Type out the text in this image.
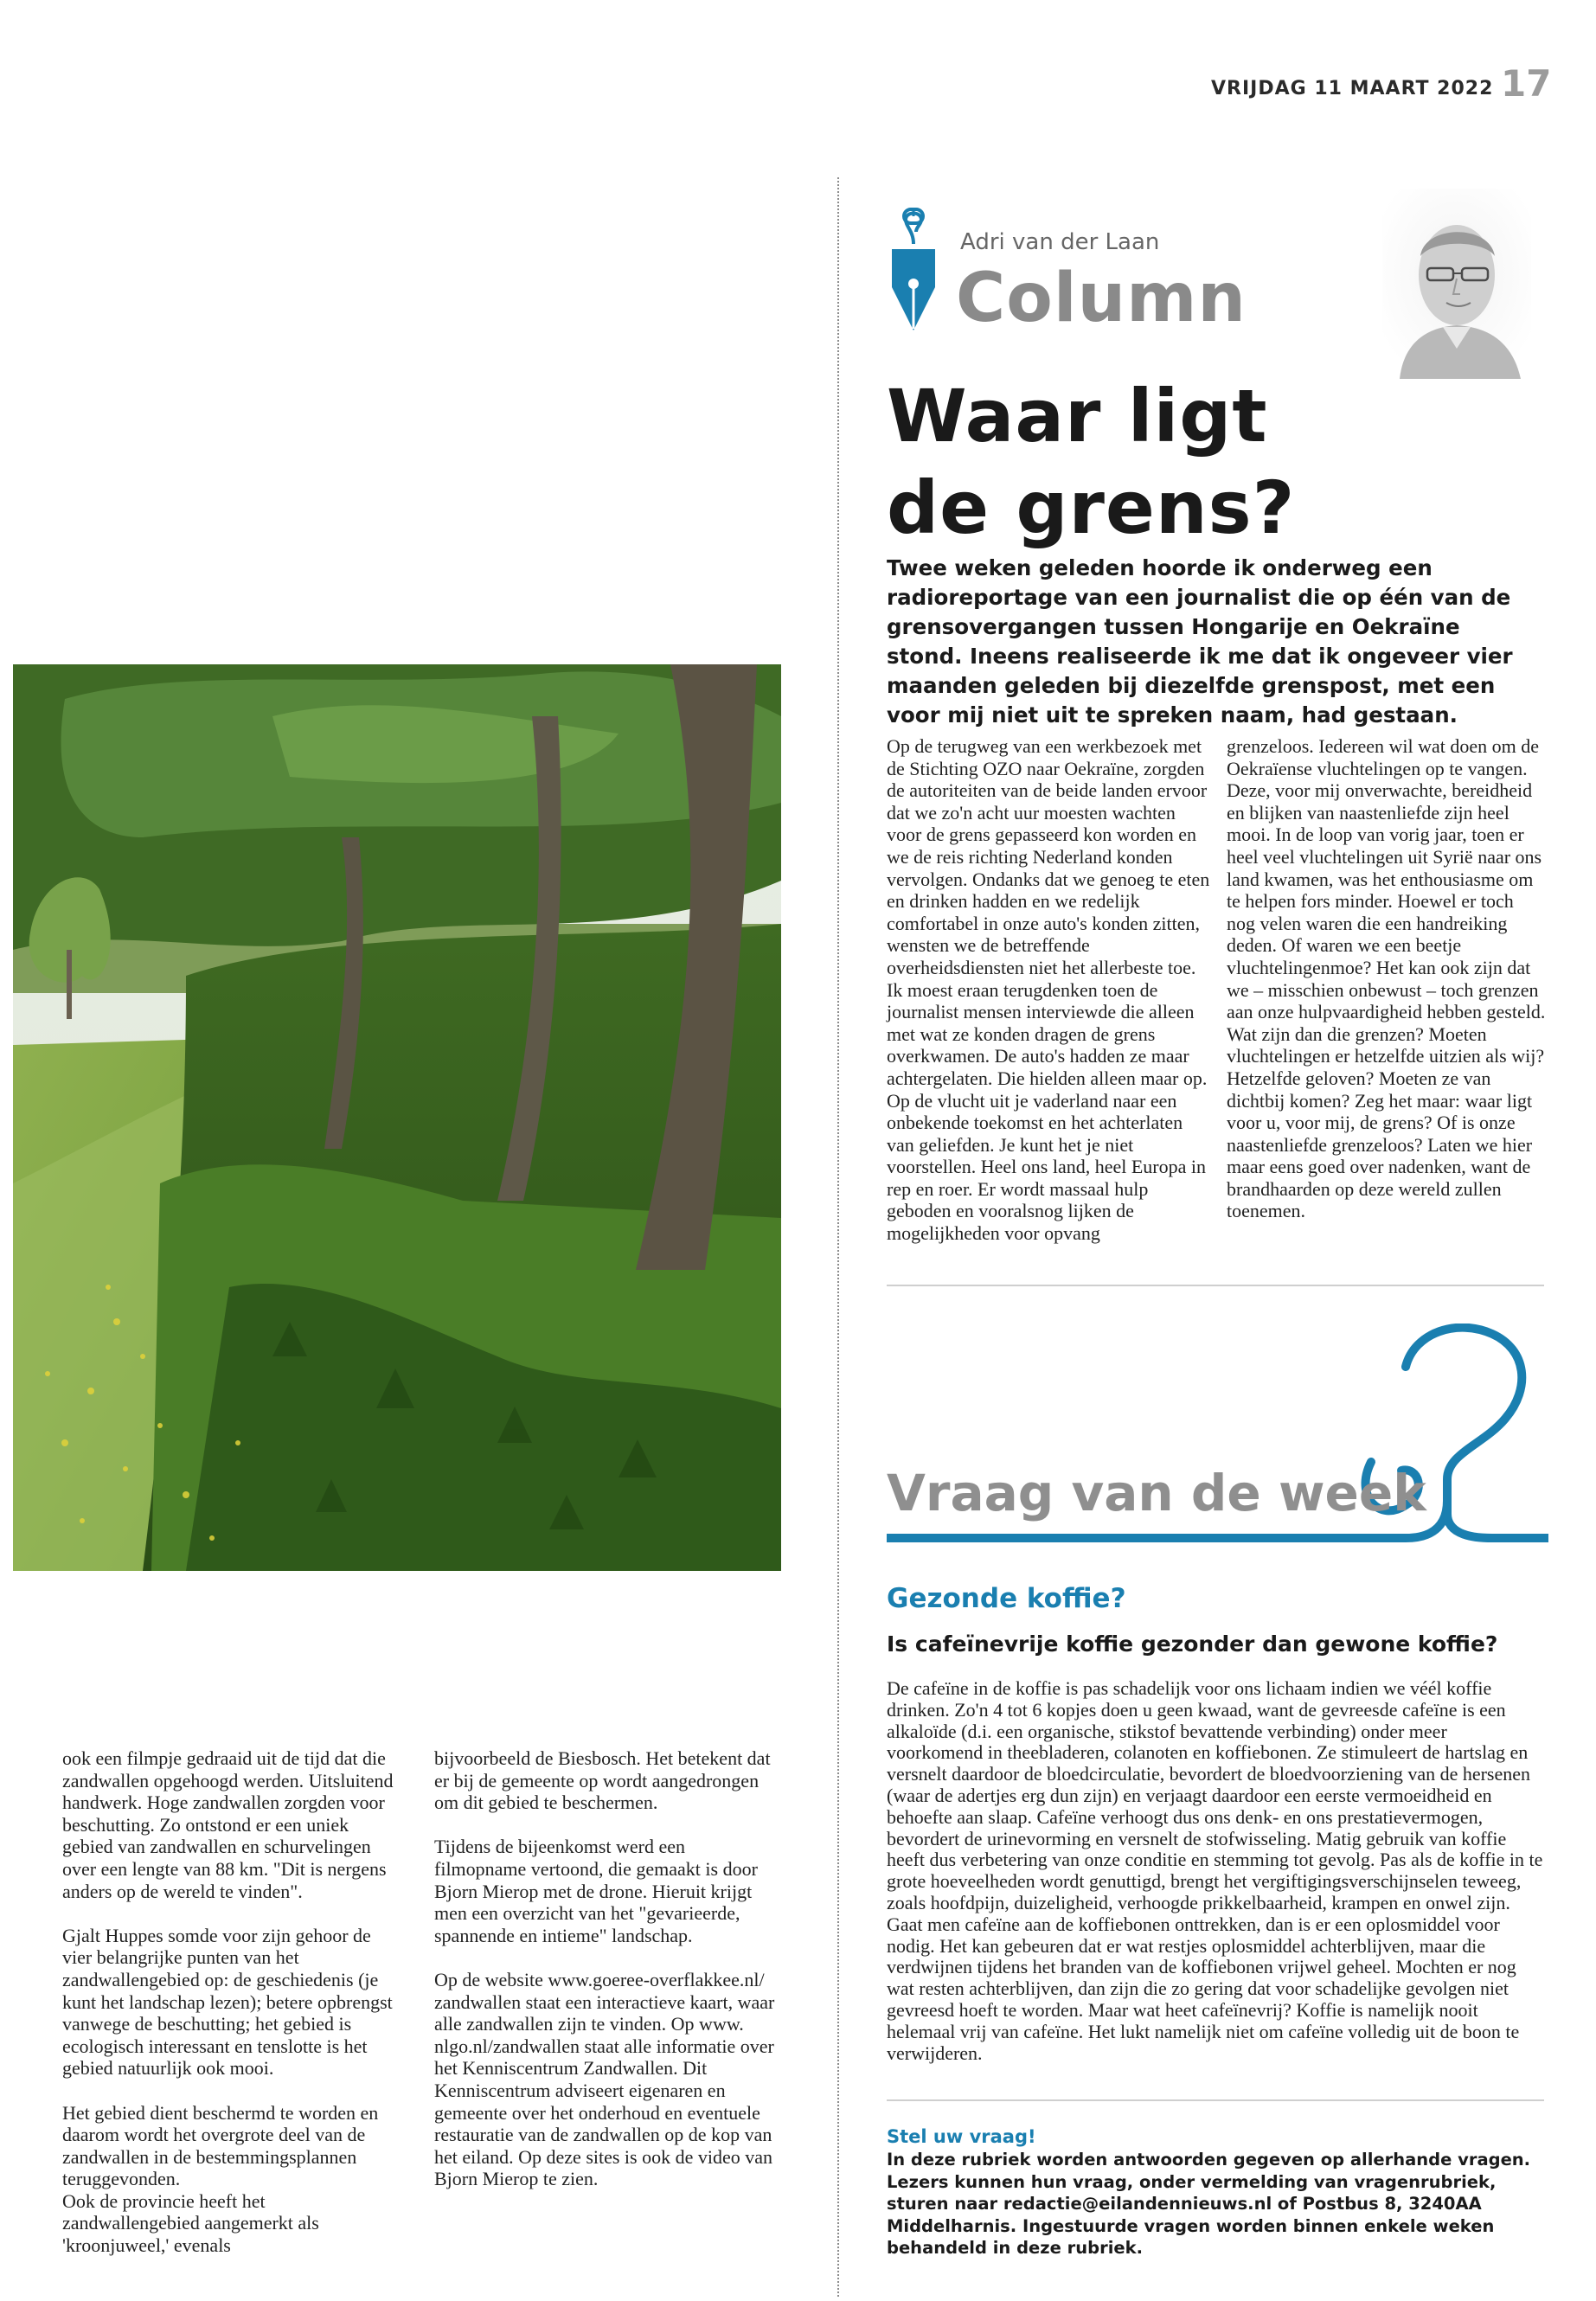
VRIJDAG 11 MAART 2022 17
Adri van der Laan
Column
Waar ligt
de grens?
Twee weken geleden hoorde ik onderweg een radioreportage van een journalist die op één van de grensovergangen tussen Hongarije en Oekraïne stond. Ineens realiseerde ik me dat ik ongeveer vier maanden geleden bij diezelfde grenspost, met een voor mij niet uit te spreken naam, had gestaan.

Op de terugweg van een werkbezoek met de Stichting OZO naar Oekraïne, zorgden de autoriteiten van de beide landen ervoor dat we zo'n acht uur moesten wachten voor de grens gepasseerd kon worden en we de reis richting Nederland konden vervolgen. Ondanks dat we genoeg te eten en drinken hadden en we redelijk comfortabel in onze auto's konden zitten, wensten we de betreffende overheidsdiensten niet het allerbeste toe. Ik moest eraan terugdenken toen de journalist mensen interviewde die alleen met wat ze konden dragen de grens overkwamen. De auto's hadden ze maar achtergelaten. Die hielden alleen maar op. Op de vlucht uit je vaderland naar een onbekende toekomst en het achterlaten van geliefden. Je kunt het je niet voorstellen. Heel ons land, heel Europa in rep en roer. Er wordt massaal hulp geboden en vooralsnog lijken de mogelijkheden voor opvang

grenzeloos. Iedereen wil wat doen om de Oekraïense vluchtelingen op te vangen. Deze, voor mij onverwachte, bereidheid en blijken van naastenliefde zijn heel mooi. In de loop van vorig jaar, toen er heel veel vluchtelingen uit Syrië naar ons land kwamen, was het enthousiasme om te helpen fors minder. Hoewel er toch nog velen waren die een handreiking deden. Of waren we een beetje vluchtelingenmoe? Het kan ook zijn dat we – misschien onbewust – toch grenzen aan onze hulpvaardigheid hebben gesteld.

Wat zijn dan die grenzen? Moeten vluchtelingen er hetzelfde uitzien als wij? Hetzelfde geloven? Moeten ze van dichtbij komen? Zeg het maar: waar ligt voor u, voor mij, de grens? Of is onze naastenliefde grenzeloos? Laten we hier maar eens goed over nadenken, want de brandhaarden op deze wereld zullen toenemen.

Vraag van de week
Gezonde koffie?
Is cafeïnevrije koffie gezonder dan gewone koffie?
De cafeïne in de koffie is pas schadelijk voor ons lichaam indien we véél koffie drinken. Zo'n 4 tot 6 kopjes doen u geen kwaad, want de gevreesde cafeïne is een alkaloïde (d.i. een organische, stikstof bevattende verbinding) onder meer voorkomend in theebladeren, colanoten en koffiebonen. Ze stimuleert de hartslag en versnelt daardoor de bloedcirculatie, bevordert de bloedvoorziening van de hersenen (waar de adertjes erg dun zijn) en verjaagt daardoor een eerste vermoeidheid en behoefte aan slaap. Cafeïne verhoogt dus ons denk- en ons prestatievermogen, bevordert de urinevorming en versnelt de stofwisseling. Matig gebruik van koffie heeft dus verbetering van onze conditie en stemming tot gevolg. Pas als de koffie in te grote hoeveelheden wordt genuttigd, brengt het vergiftigingsverschijnselen teweeg, zoals hoofdpijn, duizeligheid, verhoogde prikkelbaarheid, krampen en onwel zijn. Gaat men cafeïne aan de koffiebonen onttrekken, dan is er een oplosmiddel voor nodig. Het kan gebeuren dat er wat restjes oplosmiddel achterblijven, maar die verdwijnen tijdens het branden van de koffiebonen vrijwel geheel. Mochten er nog wat resten achterblijven, dan zijn die zo gering dat voor schadelijke gevolgen niet gevreesd hoeft te worden. Maar wat heet cafeïnevrij? Koffie is namelijk nooit helemaal vrij van cafeïne. Het lukt namelijk niet om cafeïne volledig uit de boon te verwijderen.
Stel uw vraag!
In deze rubriek worden antwoorden gegeven op allerhande vragen. Lezers kunnen hun vraag, onder vermelding van vragenrubriek, sturen naar redactie@eilandennieuws.nl of Postbus 8, 3240AA Middelharnis. Ingestuurde vragen worden binnen enkele weken behandeld in deze rubriek.

ook een filmpje gedraaid uit de tijd dat die zandwallen opgehoogd werden. Uitsluitend handwerk. Hoge zandwallen zorgden voor beschutting. Zo ontstond er een uniek gebied van zandwallen en schurvelingen over een lengte van 88 km. "Dit is nergens anders op de wereld te vinden".

Gjalt Huppes somde voor zijn gehoor de vier belangrijke punten van het zandwallengebied op: de geschiedenis (je kunt het landschap lezen); betere opbrengst vanwege de beschutting; het gebied is ecologisch interessant en tenslotte is het gebied natuurlijk ook mooi.

Het gebied dient beschermd te worden en daarom wordt het overgrote deel van de zandwallen in de bestemmingsplannen teruggevonden.

Ook de provincie heeft het zandwallengebied aangemerkt als 'kroonjuweel,' evenals

bijvoorbeeld de Biesbosch. Het betekent dat er bij de gemeente op wordt aangedrongen om dit gebied te beschermen.

Tijdens de bijeenkomst werd een filmopname vertoond, die gemaakt is door Bjorn Mierop met de drone. Hieruit krijgt men een overzicht van het "gevarieerde, spannende en intieme" landschap.

Op de website www.goeree-overflakkee.nl/ zandwallen staat een interactieve kaart, waar alle zandwallen zijn te vinden. Op www. nlgo.nl/zandwallen staat alle informatie over het Kenniscentrum Zandwallen. Dit Kenniscentrum adviseert eigenaren en gemeente over het onderhoud en eventuele restauratie van de zandwallen op de kop van het eiland. Op deze sites is ook de video van Bjorn Mierop te zien.
